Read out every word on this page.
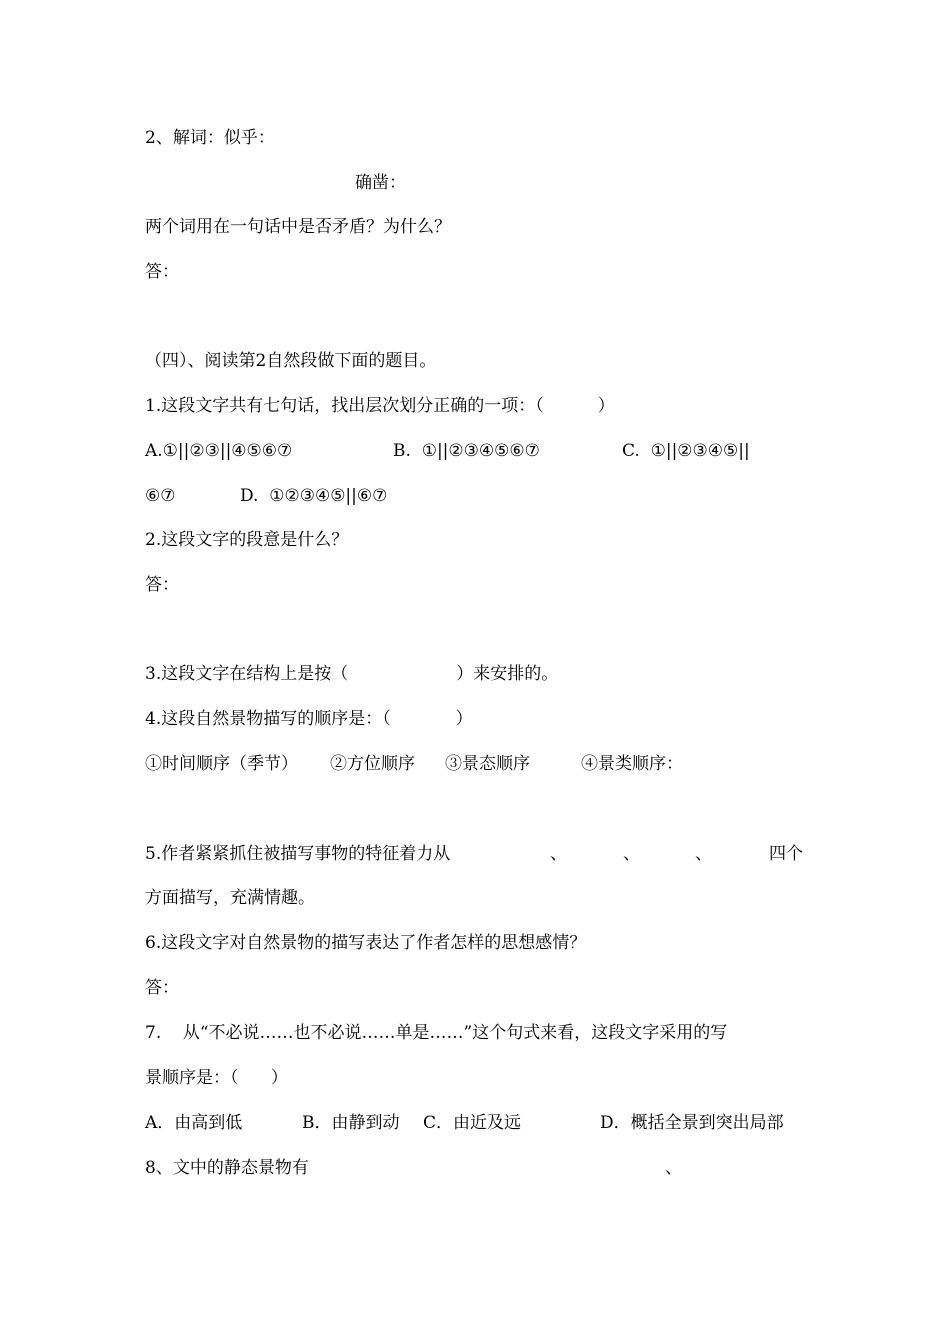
2、解词：似乎：

确凿：

两个词用在一句话中是否矛盾？为什么？

答：

（四）、阅读第2自然段做下面的题目。

1.这段文字共有七句话，找出层次划分正确的一项：（          ）

A.①||②③||④⑤⑥⑦

	B.  ①||②③④⑤⑥⑦

	C.  ①||②③④⑤||

⑥⑦

	D.  ①②③④⑤||⑥⑦

2.这段文字的段意是什么？

答：

3.这段文字在结构上是按（                    ）来安排的。

4.这段自然景物描写的顺序是：（            ）

①时间顺序（季节）

②方位顺序

③景态顺序

	④景类顺序：

5.作者紧紧抓住被描写事物的特征着力从

	、

	、

	、

	四个

方面描写，充满情趣。

6.这段文字对自然景物的描写表达了作者怎样的思想感情？

答：

7.    从“不必说……也不必说……单是……”这个句式来看，这段文字采用的写

景顺序是：（      ）

A．由高到低

	B．由静到动

C．由近及远

	D．概括全景到突出局部

8、文中的静态景物有

	、
